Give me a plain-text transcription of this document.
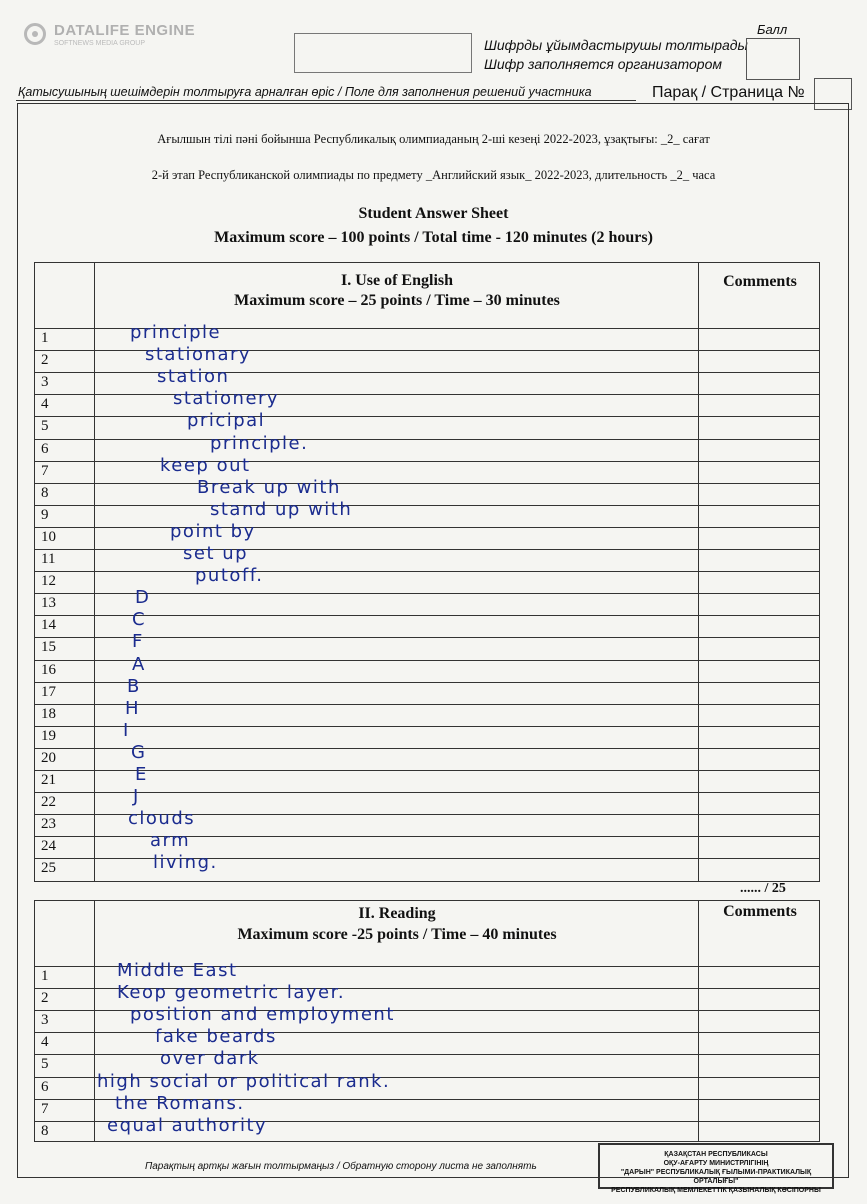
DATALIFE ENGINE
SOFTNEWS MEDIA GROUP	Шифрды ұйымдастырушы толтырады
Шифр заполняется организатором
Балл
Қатысушының шешімдерін толтыруға арналған өріс / Поле для заполнения решений участника	Парақ / Страница №
Ағылшын тілі пәні бойынша Республикалық олимпиаданың 2-ші кезеңі 2022-2023, ұзақтығы: _2_ сағат
2-й этап Республиканской олимпиады по предмету _Английский язык_ 2022-2023, длительность _2_ часа
Student Answer Sheet
Maximum score – 100 points / Total time - 120 minutes (2 hours)
I. Use of English
Maximum score – 25 points / Time – 30 minutes
Comments
1	principle
2	stationary
3	station
4	stationery
5	pricipal
6	principle.
7	keep out
8	Break up with
9	stand up with
10	point by
11	set up
12	putoff.
13	D
14	C
15	F
16	A
17	B
18	H
19	I
20	G
21	E
22	J
23	clouds
24	arm
25	living.
...... / 25
II. Reading
Maximum score -25 points / Time – 40 minutes
Comments
1	Middle East
2	Keop geometric layer.
3	position and employment
4	fake beards
5	over dark
6	high social or political rank.
7	the Romans.
8	equal authority
Парақтың артқы жағын толтырмаңыз / Обратную сторону листа не заполнять
ҚАЗАҚСТАН РЕСПУБЛИКАСЫ
ОҚУ-АҒАРТУ МИНИСТРЛІГІНІҢ
"ДАРЫН" РЕСПУБЛИКАЛЫҚ ҒЫЛЫМИ-ПРАКТИКАЛЫҚ ОРТАЛЫҒЫ"
РЕСПУБЛИКАЛЫҚ МЕМЛЕКЕТТІК ҚАЗЫНАЛЫҚ КӘСІПОРНЫ
